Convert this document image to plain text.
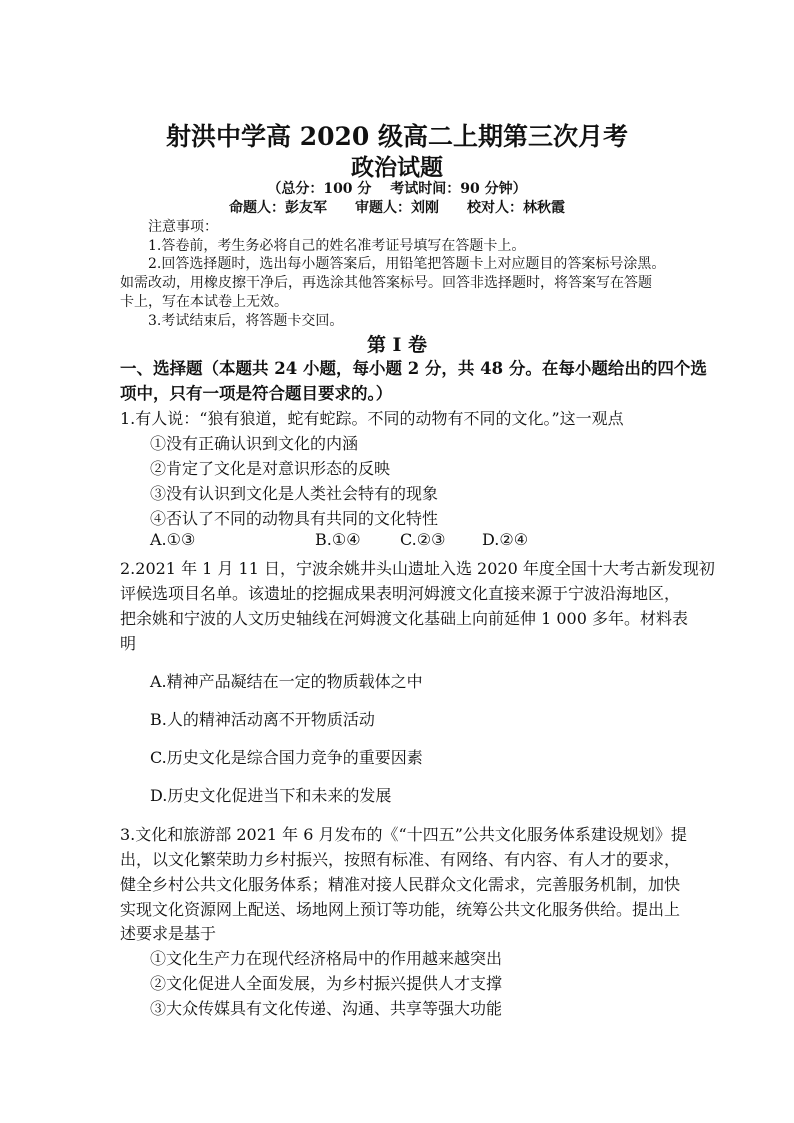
射洪中学高 2020 级高二上期第三次月考
政治试题
（总分：100 分　 考试时间：90 分钟）
命题人：彭友军　　审题人：刘刚　　校对人：林秋霞
注意事项：
1.答卷前，考生务必将自己的姓名准考证号填写在答题卡上。
2.回答选择题时，选出每小题答案后，用铅笔把答题卡上对应题目的答案标号涂黑。
如需改动，用橡皮擦干净后，再选涂其他答案标号。回答非选择题时，将答案写在答题
卡上，写在本试卷上无效。
3.考试结束后，将答题卡交回。
第 I 卷
一、选择题（本题共 24 小题，每小题 2 分，共 48 分。在每小题给出的四个选
项中，只有一项是符合题目要求的。）
1.有人说：“狼有狼道，蛇有蛇踪。不同的动物有不同的文化。”这一观点
①没有正确认识到文化的内涵
②肯定了文化是对意识形态的反映
③没有认识到文化是人类社会特有的现象
④否认了不同的动物具有共同的文化特性
A.①③	B.①④ C.②③ D.②④
2.2021 年 1 月 11 日，宁波余姚井头山遗址入选 2020 年度全国十大考古新发现初
评候选项目名单。该遗址的挖掘成果表明河姆渡文化直接来源于宁波沿海地区，
把余姚和宁波的人文历史轴线在河姆渡文化基础上向前延伸 1 000 多年。材料表
明
A.精神产品凝结在一定的物质载体之中
B.人的精神活动离不开物质活动
C.历史文化是综合国力竞争的重要因素
D.历史文化促进当下和未来的发展
3.文化和旅游部 2021 年 6 月发布的《“十四五”公共文化服务体系建设规划》提
出，以文化繁荣助力乡村振兴，按照有标准、有网络、有内容、有人才的要求，
健全乡村公共文化服务体系；精准对接人民群众文化需求，完善服务机制，加快
实现文化资源网上配送、场地网上预订等功能，统筹公共文化服务供给。提出上
述要求是基于
①文化生产力在现代经济格局中的作用越来越突出
②文化促进人全面发展，为乡村振兴提供人才支撑
③大众传媒具有文化传递、沟通、共享等强大功能
